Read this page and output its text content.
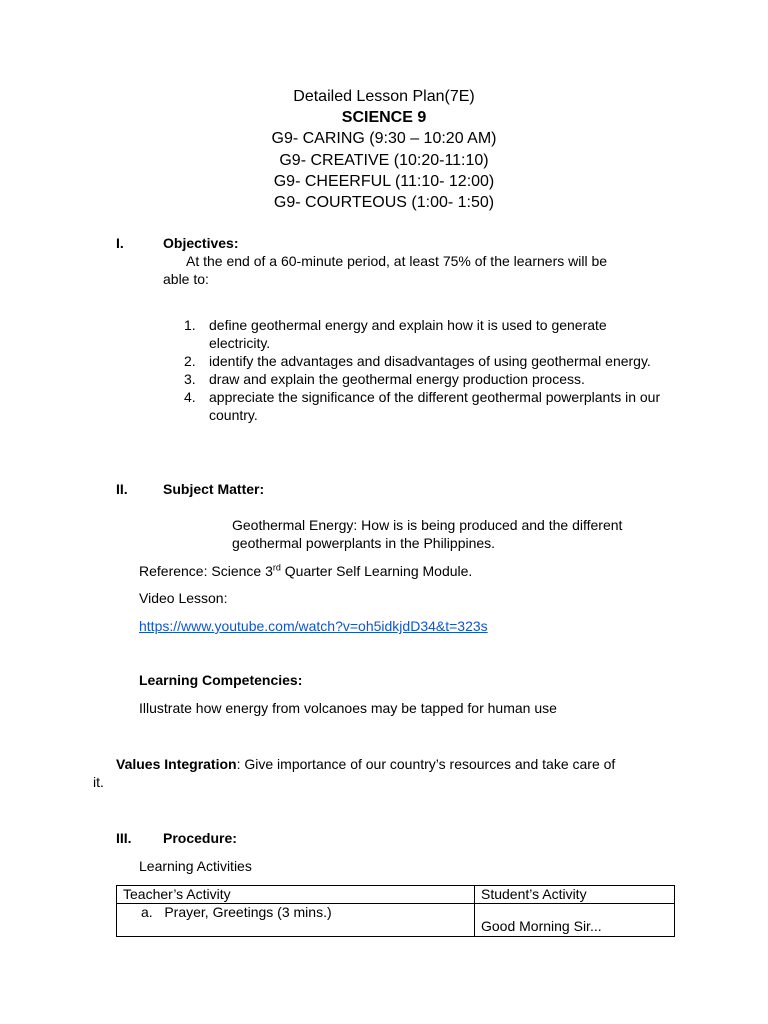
Detailed Lesson Plan(7E)
SCIENCE 9
G9- CARING (9:30 – 10:20 AM)
G9- CREATIVE (10:20-11:10)
G9- CHEERFUL (11:10- 12:00)
G9- COURTEOUS (1:00- 1:50)
I.	Objectives:
At the end of a 60-minute period, at least 75% of the learners will be
able to:
1. define geothermal energy and explain how it is used to generate electricity.
2. identify the advantages and disadvantages of using geothermal energy.
3. draw and explain the geothermal energy production process.
4. appreciate the significance of the different geothermal powerplants in our country.
II.	Subject Matter:
Geothermal Energy: How is is being produced and the different
geothermal powerplants in the Philippines.
Reference: Science 3rd Quarter Self Learning Module.
Video Lesson:
https://www.youtube.com/watch?v=oh5idkjdD34&t=323s
Learning Competencies:
Illustrate how energy from volcanoes may be tapped for human use
Values Integration: Give importance of our country’s resources and take care of
it.
III. Procedure:
Learning Activities
Teacher’s Activity	Student’s Activity
a.   Prayer, Greetings (3 mins.)	Good Morning Sir...
